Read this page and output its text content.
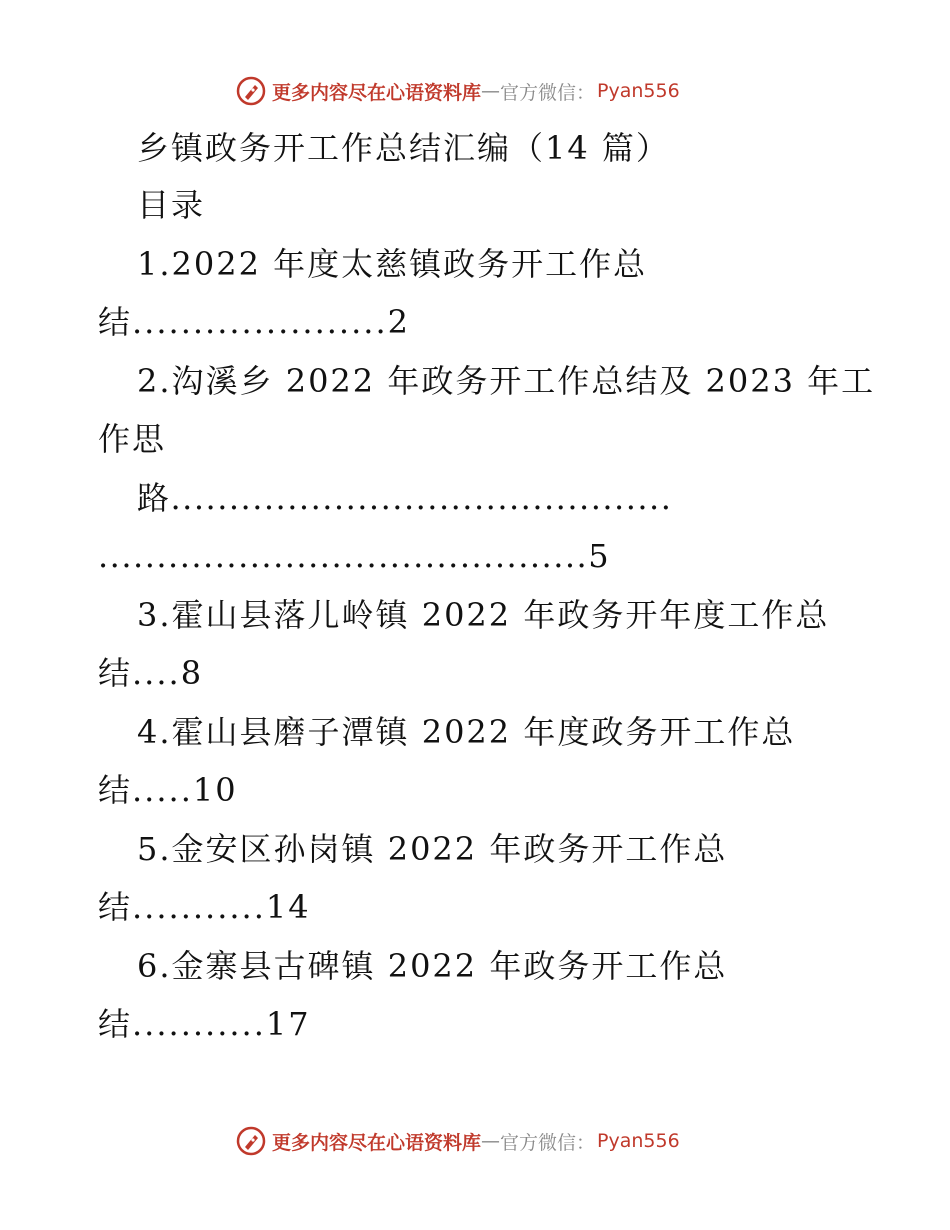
更多内容尽在心语资料库 — 官方微信： Pyan556
乡镇政务开工作总结汇编（14 篇）
目录
1.2022 年度太慈镇政务开工作总
结.....................2
2.沟溪乡 2022 年政务开工作总结及 2023 年工
作思
路...........................................
..........................................5
3.霍山县落儿岭镇 2022 年政务开年度工作总
结....8
4.霍山县磨子潭镇 2022 年度政务开工作总
结.....10
5.金安区孙岗镇 2022 年政务开工作总
结...........14
6.金寨县古碑镇 2022 年政务开工作总
结...........17
更多内容尽在心语资料库 — 官方微信： Pyan556
